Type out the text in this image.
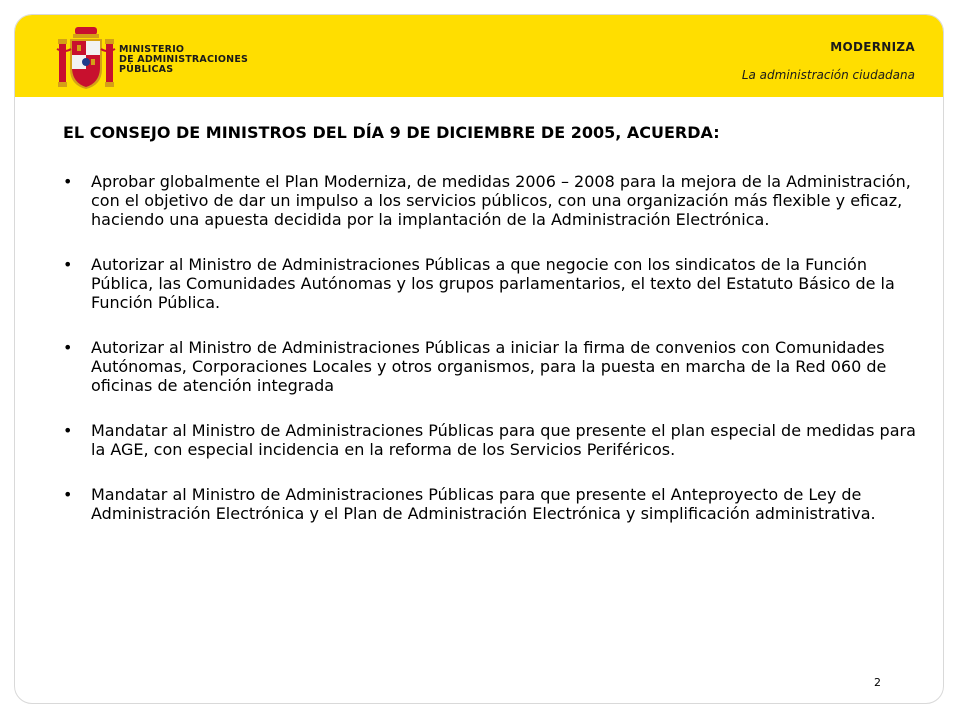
MINISTERIO
DE ADMINISTRACIONES
PÚBLICAS
MODERNIZA
La administración ciudadana
EL CONSEJO DE MINISTROS DEL DÍA 9 DE DICIEMBRE DE 2005, ACUERDA:
• Aprobar globalmente el Plan Moderniza, de medidas 2006 – 2008 para la mejora de la Administración, con el objetivo de dar un impulso a los servicios públicos, con una organización más flexible y eficaz, haciendo una apuesta decidida por la implantación de la Administración Electrónica.
• Autorizar al Ministro de Administraciones Públicas a que negocie con los sindicatos de la Función Pública, las Comunidades Autónomas y los grupos parlamentarios, el texto del Estatuto Básico de la Función Pública.
• Autorizar al Ministro de Administraciones Públicas a iniciar la firma de convenios con Comunidades Autónomas, Corporaciones Locales y otros organismos, para la puesta en marcha de la Red 060 de oficinas de atención integrada
• Mandatar al Ministro de Administraciones Públicas para que presente el plan especial de medidas para la AGE, con especial incidencia en la reforma de los Servicios Periféricos.
• Mandatar al Ministro de Administraciones Públicas para que presente el Anteproyecto de Ley de Administración Electrónica y el Plan de Administración Electrónica y simplificación administrativa.
2
